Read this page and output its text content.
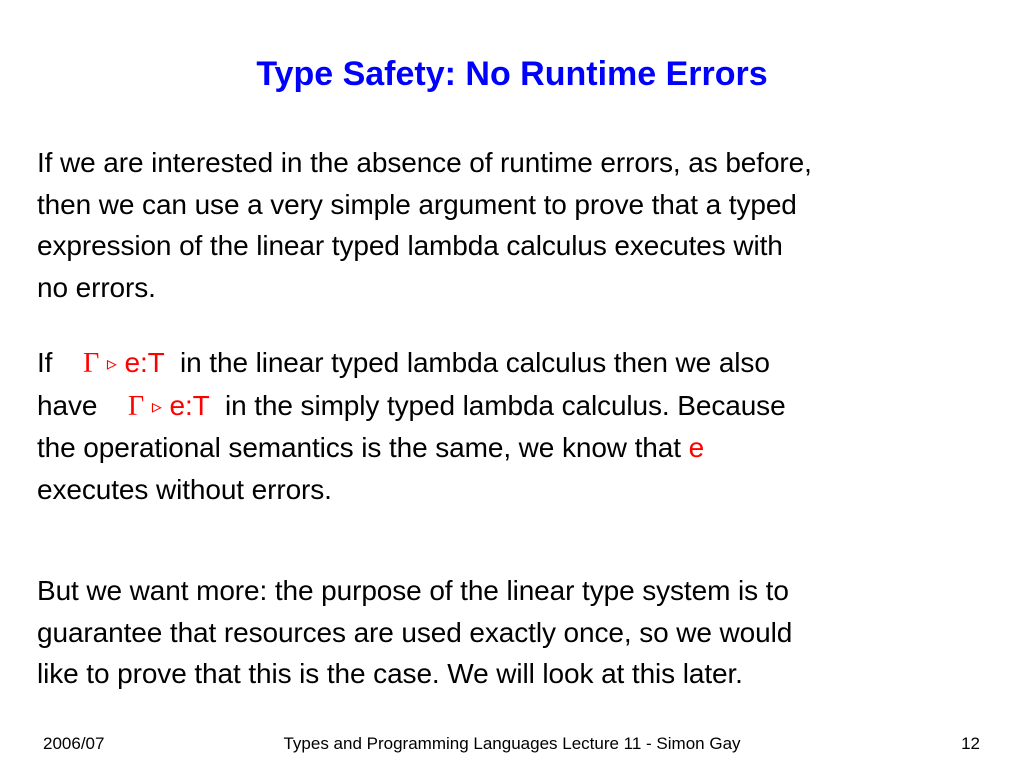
Type Safety: No Runtime Errors
If we are interested in the absence of runtime errors, as before,
then we can use a very simple argument to prove that a typed
expression of the linear typed lambda calculus executes with
no errors.
If Γ ▹ e:T in the linear typed lambda calculus then we also
have Γ ▹ e:T in the simply typed lambda calculus. Because
the operational semantics is the same, we know that e
executes without errors.
But we want more: the purpose of the linear type system is to
guarantee that resources are used exactly once, so we would
like to prove that this is the case. We will look at this later.
2006/07	Types and Programming Languages Lecture 11 - Simon Gay	12
